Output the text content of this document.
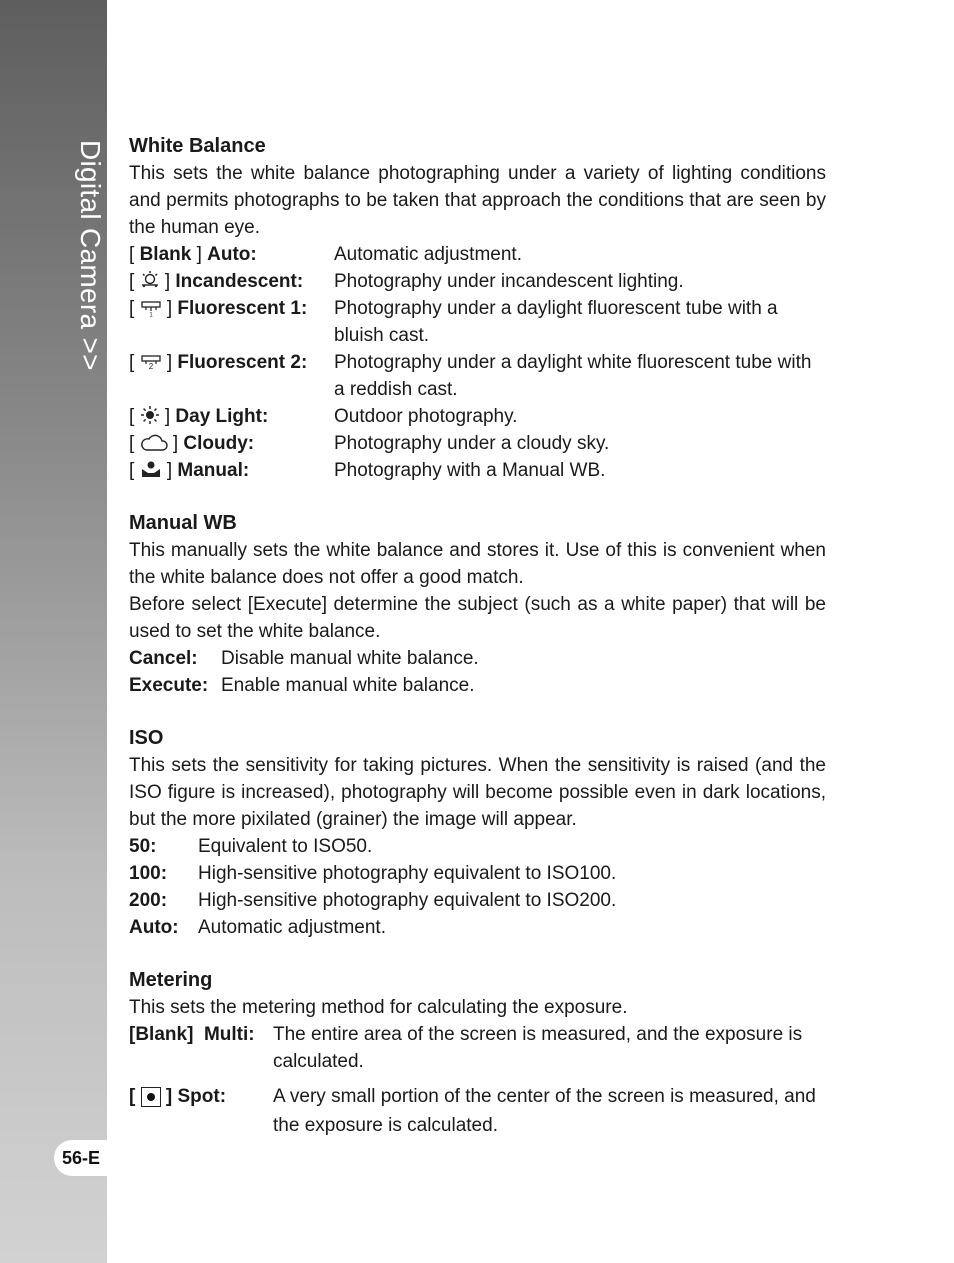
Digital Camera >>
56-E
White Balance

This sets the white balance photographing under a variety of lighting conditions and permits photographs to be taken that approach the conditions that are seen by the human eye.

[ Blank ] Auto:	Automatic adjustment.
[  ] Incandescent:	Photography under incandescent lighting.
[ 1 ] Fluorescent 1:	Photography under a daylight fluorescent tube with a bluish cast.
[ 2 ] Fluorescent 2:	Photography under a daylight white fluorescent tube with a reddish cast.
[  ] Day Light:	Outdoor photography.
[  ] Cloudy:	Photography under a cloudy sky.
[  ] Manual:	Photography with a Manual WB.
Manual WB

This manually sets the white balance and stores it. Use of this is convenient when the white balance does not offer a good match.

Before select [Execute] determine the subject (such as a white paper) that will be used to set the white balance.

Cancel:	Disable manual white balance.
Execute: Enable manual white balance.
ISO

This sets the sensitivity for taking pictures. When the sensitivity is raised (and the ISO figure is increased), photography will become possible even in dark locations, but the more pixilated (grainer) the image will appear.

50:	Equivalent to ISO50.
100:	High-sensitive photography equivalent to ISO100.
200:	High-sensitive photography equivalent to ISO200.
Auto:	Automatic adjustment.
Metering

This sets the metering method for calculating the exposure.

[Blank] Multi: The entire area of the screen is measured, and the exposure is calculated.
[ ] Spot:	A very small portion of the center of the screen is measured, and the exposure is calculated.
